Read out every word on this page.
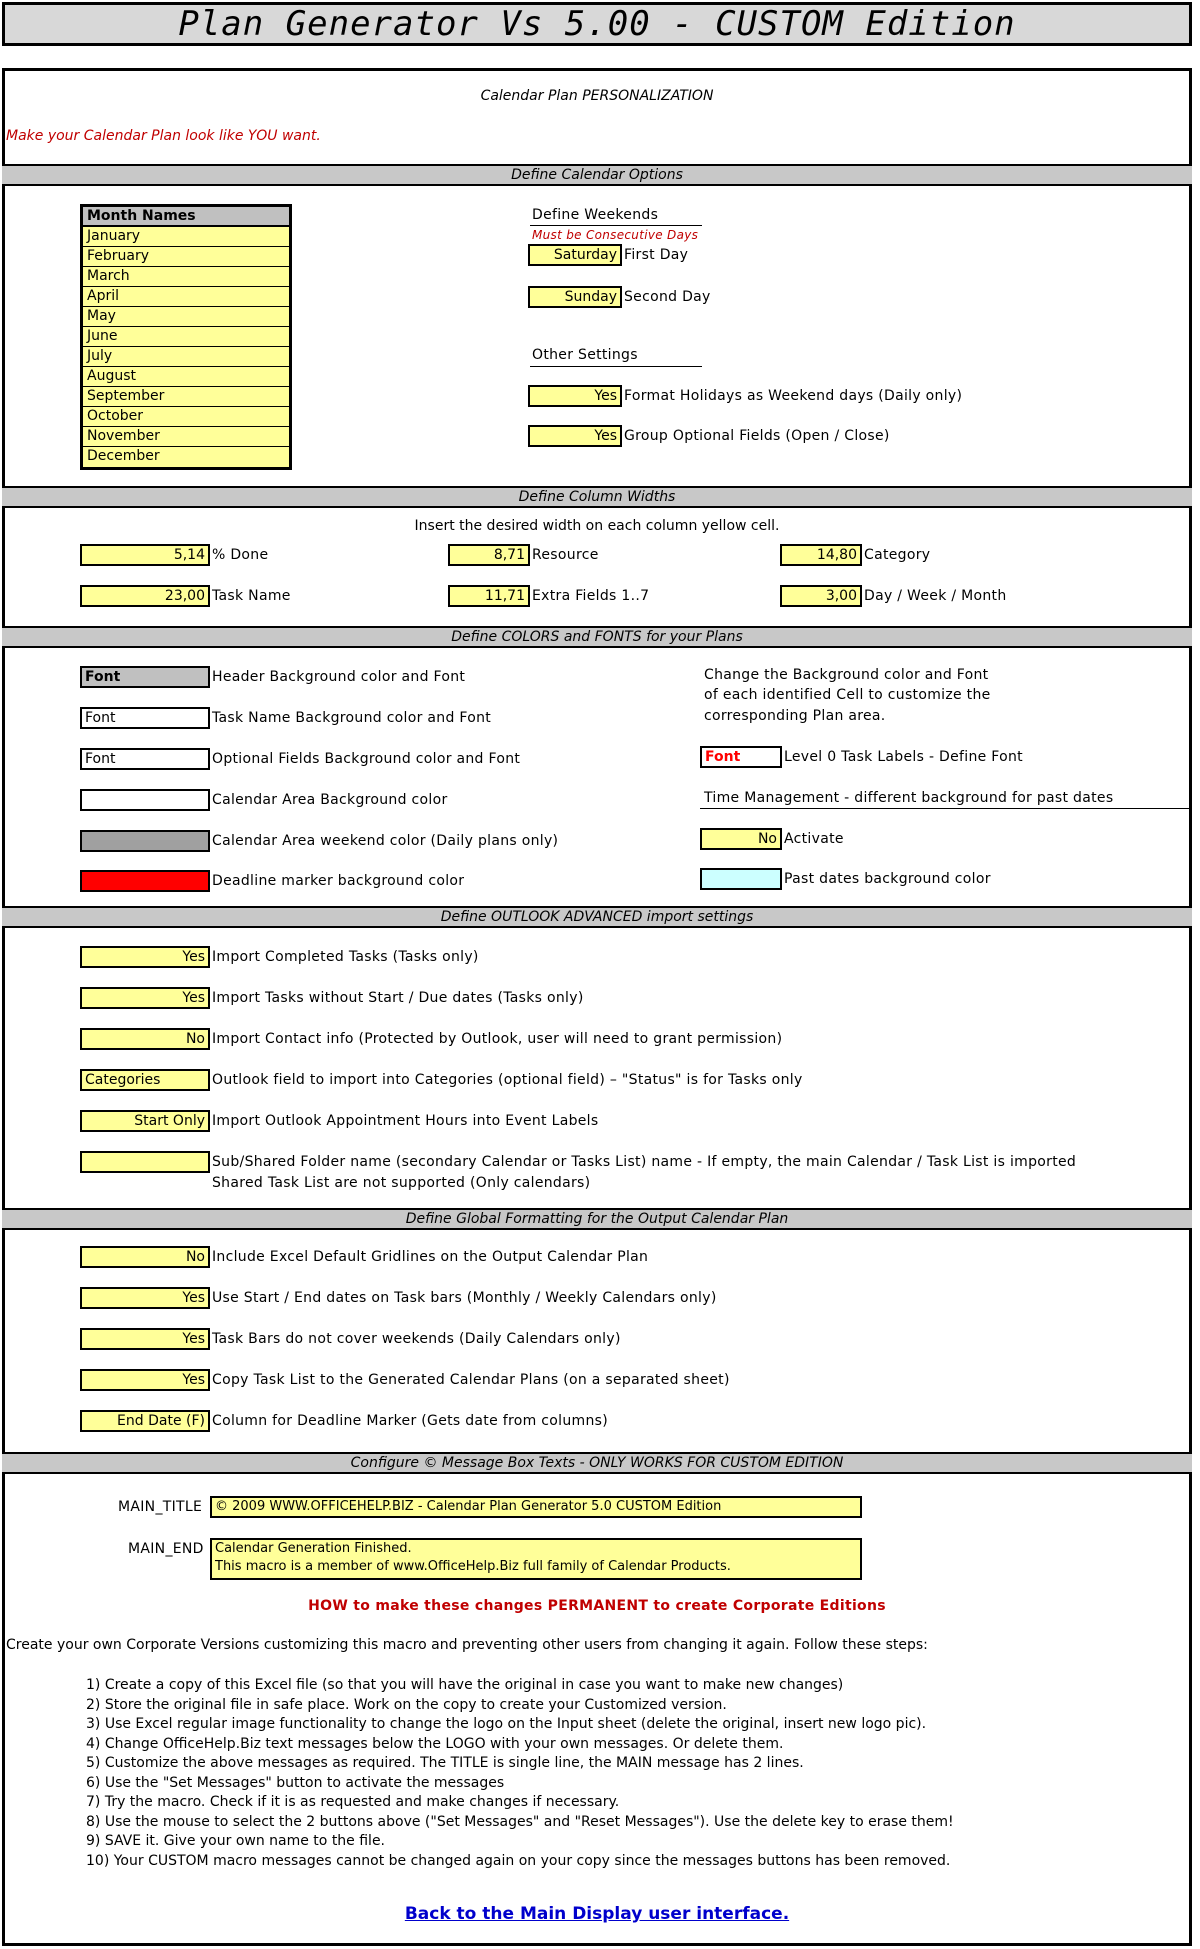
Plan Generator Vs 5.00 - CUSTOM Edition
Calendar Plan PERSONALIZATION
Make your Calendar Plan look like YOU want.
Define Calendar Options
Month Names
January
February
March
April
May
June
July
August
September
October
November
December
Define Weekends
Must be Consecutive Days
Saturday First Day
Sunday Second Day
Other Settings
Yes Format Holidays as Weekend days (Daily only)
Yes Group Optional Fields (Open / Close)
Define Column Widths
Insert the desired width on each column yellow cell.
5,14 % Done	8,71 Resource	14,80 Category
23,00 Task Name	11,71 Extra Fields 1..7	3,00 Day / Week / Month
Define COLORS and FONTS for your Plans
Font	Header Background color and Font
Font	Task Name Background color and Font
Font	Optional Fields Background color and Font
Calendar Area Background color
Calendar Area weekend color (Daily plans only)
Deadline marker background color
Change the Background color and Font
of each identified Cell to customize the
corresponding Plan area.
Font	Level 0 Task Labels - Define Font
Time Management - different background for past dates
No Activate
Past dates background color
Define OUTLOOK ADVANCED import settings
Yes Import Completed Tasks (Tasks only)
Yes Import Tasks without Start / Due dates (Tasks only)
No Import Contact info (Protected by Outlook, user will need to grant permission)
Categories	Outlook field to import into Categories (optional field) – "Status" is for Tasks only
Start Only Import Outlook Appointment Hours into Event Labels
Sub/Shared Folder name (secondary Calendar or Tasks List) name - If empty, the main Calendar / Task List is imported
Shared Task List are not supported (Only calendars)
Define Global Formatting for the Output Calendar Plan
No Include Excel Default Gridlines on the Output Calendar Plan
Yes Use Start / End dates on Task bars (Monthly / Weekly Calendars only)
Yes Task Bars do not cover weekends (Daily Calendars only)
Yes Copy Task List to the Generated Calendar Plans (on a separated sheet)
End Date (F) Column for Deadline Marker (Gets date from columns)
Configure © Message Box Texts - ONLY WORKS FOR CUSTOM EDITION
MAIN_TITLE © 2009 WWW.OFFICEHELP.BIZ - Calendar Plan Generator 5.0 CUSTOM Edition
MAIN_END Calendar Generation Finished.
This macro is a member of www.OfficeHelp.Biz full family of Calendar Products.
HOW to make these changes PERMANENT to create Corporate Editions
Create your own Corporate Versions customizing this macro and preventing other users from changing it again. Follow these steps:
1) Create a copy of this Excel file (so that you will have the original in case you want to make new changes)
2) Store the original file in safe place. Work on the copy to create your Customized version.
3) Use Excel regular image functionality to change the logo on the Input sheet (delete the original, insert new logo pic).
4) Change OfficeHelp.Biz text messages below the LOGO with your own messages. Or delete them.
5) Customize the above messages as required. The TITLE is single line, the MAIN message has 2 lines.
6) Use the "Set Messages" button to activate the messages
7) Try the macro. Check if it is as requested and make changes if necessary.
8) Use the mouse to select the 2 buttons above ("Set Messages" and "Reset Messages"). Use the delete key to erase them!
9) SAVE it. Give your own name to the file.
10) Your CUSTOM macro messages cannot be changed again on your copy since the messages buttons has been removed.
Back to the Main Display user interface.
